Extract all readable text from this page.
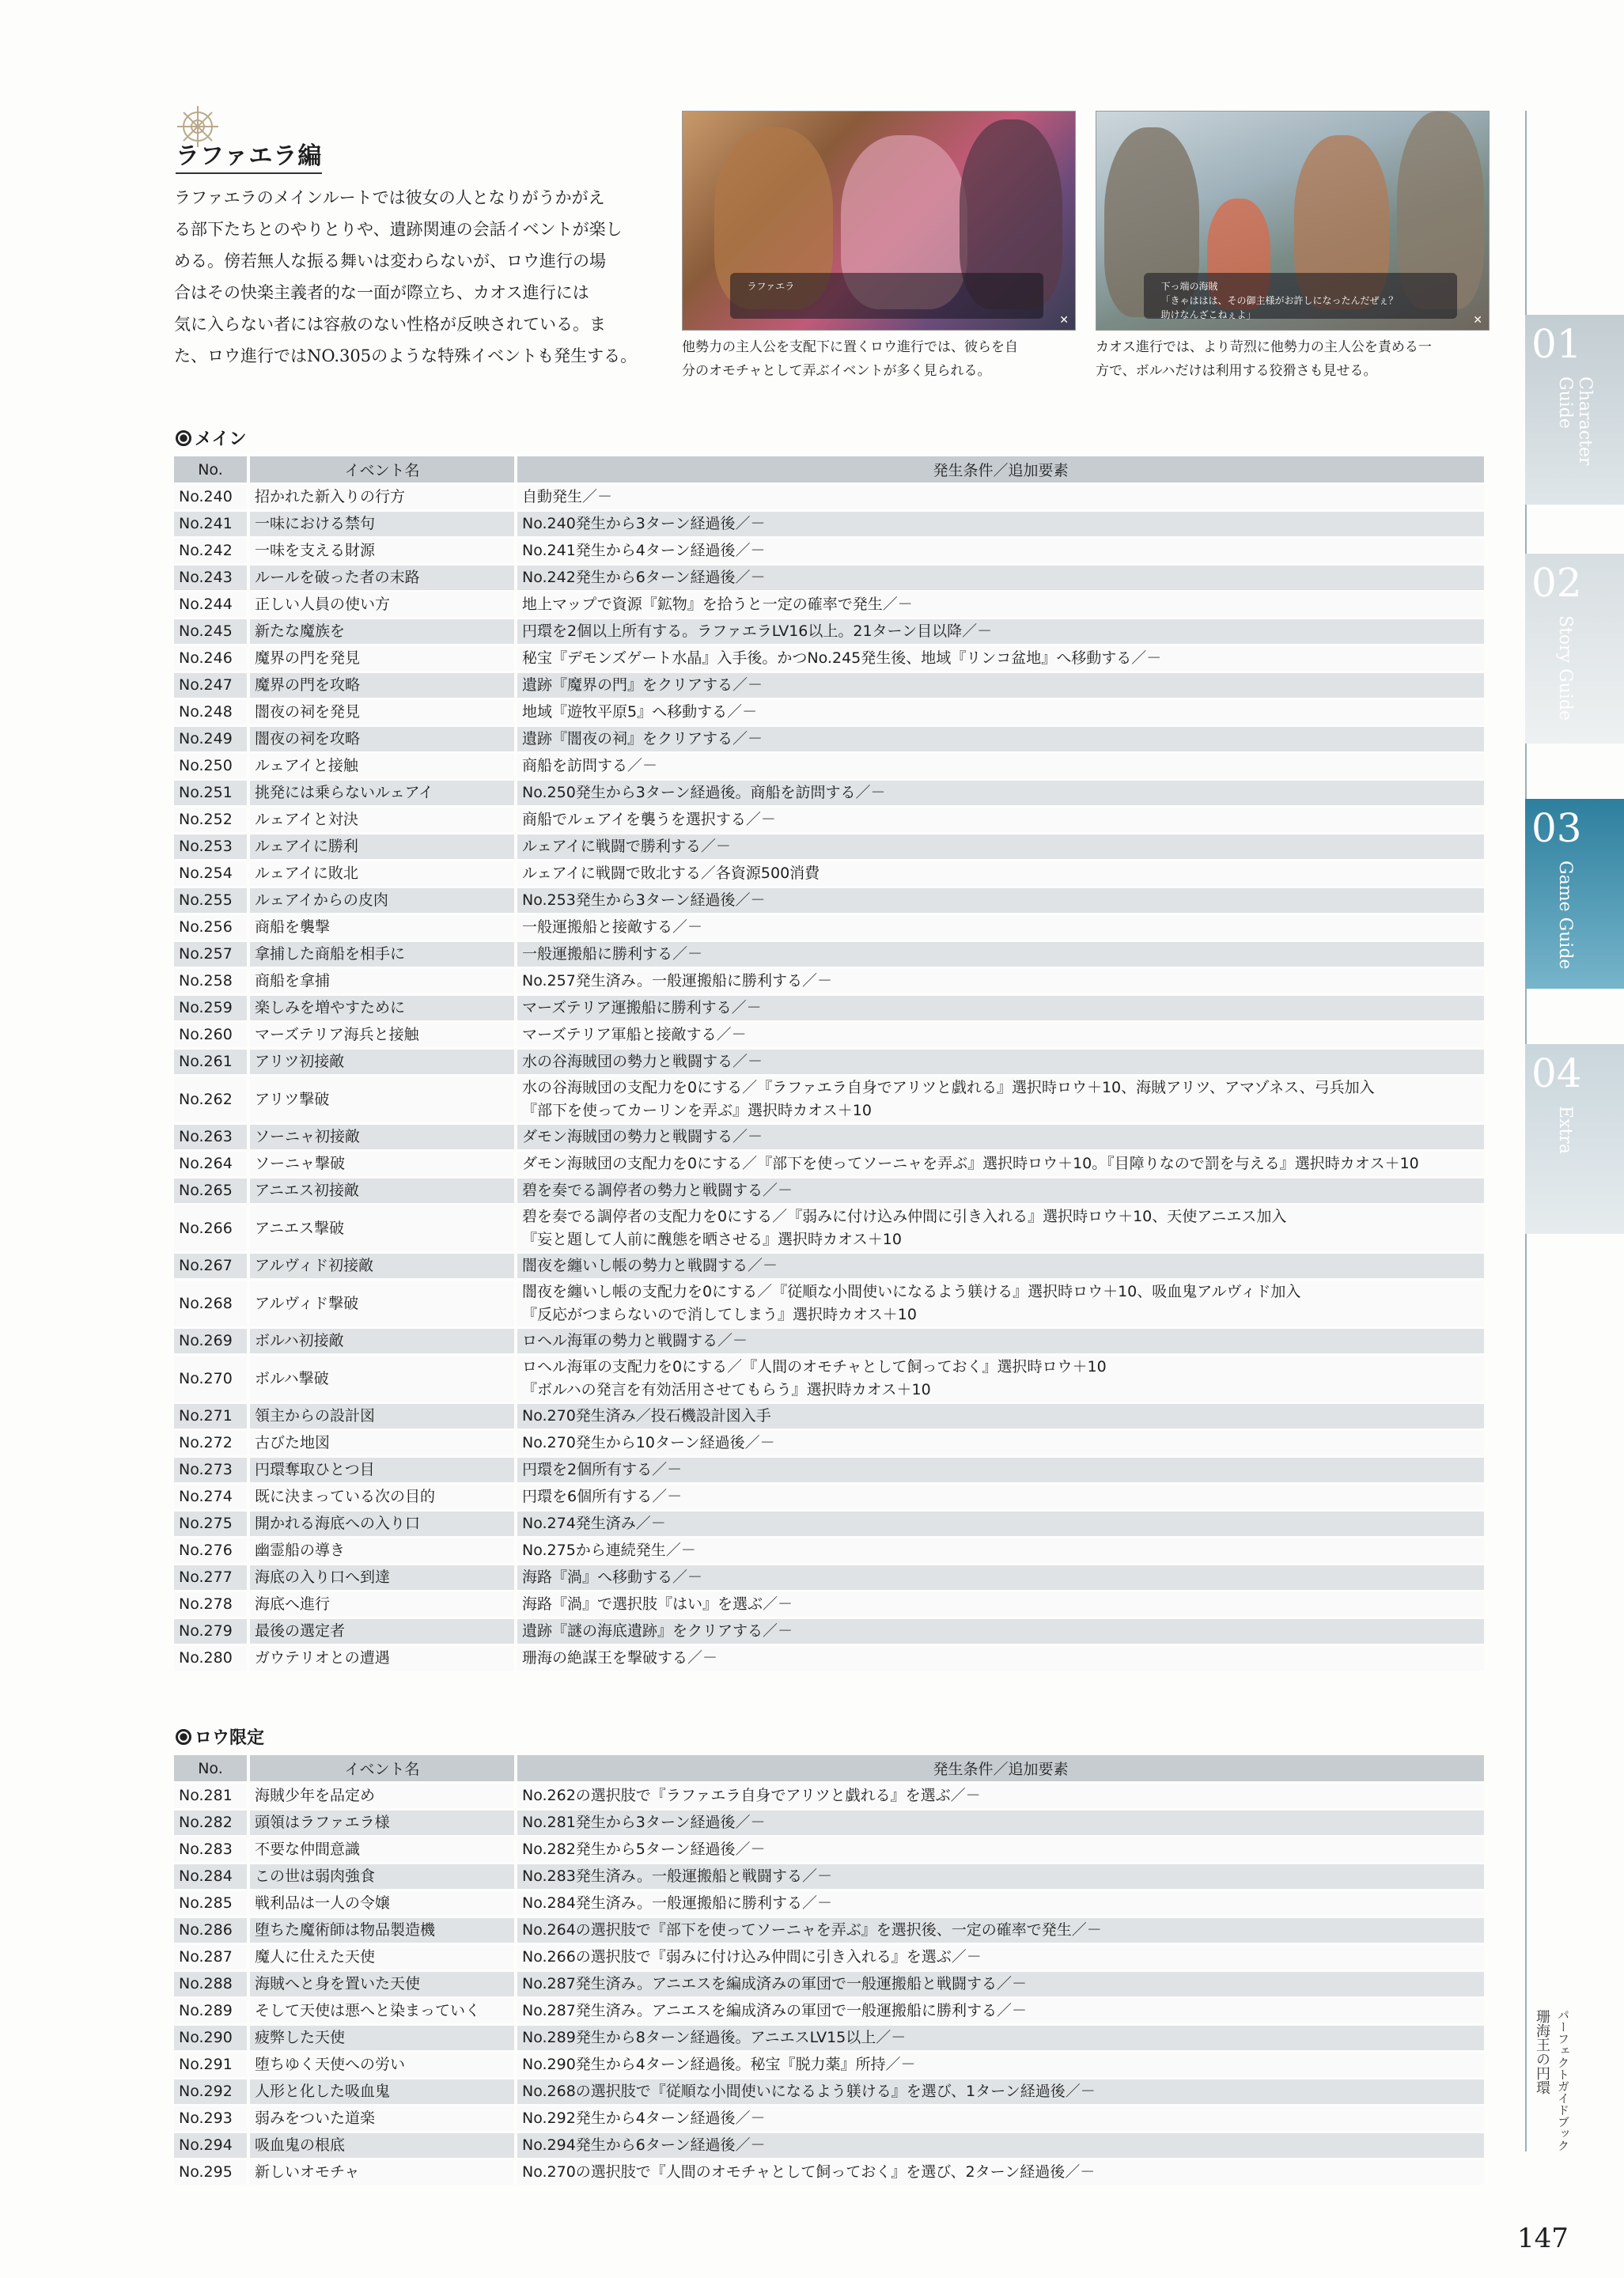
ラファエラ編
ラファエラのメインルートでは彼女の人となりがうかがえ
る部下たちとのやりとりや、遺跡関連の会話イベントが楽し
める。傍若無人な振る舞いは変わらないが、ロウ進行の場
合はその快楽主義者的な一面が際立ち、カオス進行には
気に入らない者には容赦のない性格が反映されている。ま
た、ロウ進行ではNO.305のような特殊イベントも発生する。
ラファエラ
✕
他勢力の主人公を支配下に置くロウ進行では、彼らを自
分のオモチャとして弄ぶイベントが多く見られる。
下っ端の海賊
「きゃははは、その御主様がお許しになったんだぜぇ？
助けなんざこねぇよ」	✕
カオス進行では、より苛烈に他勢力の主人公を責める一
方で、ボルハだけは利用する狡猾さも見せる。
01
Character Guide
02
Story Guide
03
Game Guide
04
Extra
メイン
No.	イベント名	発生条件／追加要素
No.240	招かれた新入りの行方	自動発生／－
No.241	一味における禁句	No.240発生から3ターン経過後／－
No.242	一味を支える財源	No.241発生から4ターン経過後／－
No.243	ルールを破った者の末路	No.242発生から6ターン経過後／－
No.244	正しい人員の使い方	地上マップで資源『鉱物』を拾うと一定の確率で発生／－
No.245	新たな魔族を	円環を2個以上所有する。ラファエラLV16以上。21ターン目以降／－
No.246	魔界の門を発見	秘宝『デモンズゲート水晶』入手後。かつNo.245発生後、地域『リンコ盆地』へ移動する／－
No.247	魔界の門を攻略	遺跡『魔界の門』をクリアする／－
No.248	闇夜の祠を発見	地域『遊牧平原5』へ移動する／－
No.249	闇夜の祠を攻略	遺跡『闇夜の祠』をクリアする／－
No.250	ルェアイと接触	商船を訪問する／－
No.251	挑発には乗らないルェアイ	No.250発生から3ターン経過後。商船を訪問する／－
No.252	ルェアイと対決	商船でルェアイを襲うを選択する／－
No.253	ルェアイに勝利	ルェアイに戦闘で勝利する／－
No.254	ルェアイに敗北	ルェアイに戦闘で敗北する／各資源500消費
No.255	ルェアイからの皮肉	No.253発生から3ターン経過後／－
No.256	商船を襲撃	一般運搬船と接敵する／－
No.257	拿捕した商船を相手に	一般運搬船に勝利する／－
No.258	商船を拿捕	No.257発生済み。一般運搬船に勝利する／－
No.259	楽しみを増やすために	マーズテリア運搬船に勝利する／－
No.260	マーズテリア海兵と接触	マーズテリア軍船と接敵する／－
No.261	アリツ初接敵	水の谷海賊団の勢力と戦闘する／－
No.262	アリツ撃破	水の谷海賊団の支配力を0にする／『ラファエラ自身でアリツと戯れる』選択時ロウ＋10、海賊アリツ、アマゾネス、弓兵加入
『部下を使ってカーリンを弄ぶ』選択時カオス＋10
No.263	ソーニャ初接敵	ダモン海賊団の勢力と戦闘する／－
No.264	ソーニャ撃破	ダモン海賊団の支配力を0にする／『部下を使ってソーニャを弄ぶ』選択時ロウ＋10。『目障りなので罰を与える』選択時カオス＋10
No.265	アニエス初接敵	碧を奏でる調停者の勢力と戦闘する／－
No.266	アニエス撃破	碧を奏でる調停者の支配力を0にする／『弱みに付け込み仲間に引き入れる』選択時ロウ＋10、天使アニエス加入
『妄と題して人前に醜態を晒させる』選択時カオス＋10
No.267	アルヴィド初接敵	闇夜を纏いし帳の勢力と戦闘する／－
No.268	アルヴィド撃破	闇夜を纏いし帳の支配力を0にする／『従順な小間使いになるよう躾ける』選択時ロウ＋10、吸血鬼アルヴィド加入
『反応がつまらないので消してしまう』選択時カオス＋10
No.269	ボルハ初接敵	ロヘル海軍の勢力と戦闘する／－
No.270	ボルハ撃破	ロヘル海軍の支配力を0にする／『人間のオモチャとして飼っておく』選択時ロウ＋10
『ボルハの発言を有効活用させてもらう』選択時カオス＋10
No.271	領主からの設計図	No.270発生済み／投石機設計図入手
No.272	古びた地図	No.270発生から10ターン経過後／－
No.273	円環奪取ひとつ目	円環を2個所有する／－
No.274	既に決まっている次の目的	円環を6個所有する／－
No.275	開かれる海底への入り口	No.274発生済み／－
No.276	幽霊船の導き	No.275から連続発生／－
No.277	海底の入り口へ到達	海路『渦』へ移動する／－
No.278	海底へ進行	海路『渦』で選択肢『はい』を選ぶ／－
No.279	最後の選定者	遺跡『謎の海底遺跡』をクリアする／－
No.280	ガウテリオとの遭遇	珊海の絶謀王を撃破する／－
ロウ限定
No.	イベント名	発生条件／追加要素
No.281	海賊少年を品定め	No.262の選択肢で『ラファエラ自身でアリツと戯れる』を選ぶ／－
No.282	頭領はラファエラ様	No.281発生から3ターン経過後／－
No.283	不要な仲間意識	No.282発生から5ターン経過後／－
No.284	この世は弱肉強食	No.283発生済み。一般運搬船と戦闘する／－
No.285	戦利品は一人の令嬢	No.284発生済み。一般運搬船に勝利する／－
No.286	堕ちた魔術師は物品製造機	No.264の選択肢で『部下を使ってソーニャを弄ぶ』を選択後、一定の確率で発生／－
No.287	魔人に仕えた天使	No.266の選択肢で『弱みに付け込み仲間に引き入れる』を選ぶ／－
No.288	海賊へと身を置いた天使	No.287発生済み。アニエスを編成済みの軍団で一般運搬船と戦闘する／－
No.289	そして天使は悪へと染まっていく	No.287発生済み。アニエスを編成済みの軍団で一般運搬船に勝利する／－
No.290	疲弊した天使	No.289発生から8ターン経過後。アニエスLV15以上／－
No.291	堕ちゆく天使への労い	No.290発生から4ターン経過後。秘宝『脱力薬』所持／－
No.292	人形と化した吸血鬼	No.268の選択肢で『従順な小間使いになるよう躾ける』を選び、1ターン経過後／－
No.293	弱みをついた道楽	No.292発生から4ターン経過後／－
No.294	吸血鬼の根底	No.294発生から6ターン経過後／－
No.295	新しいオモチャ	No.270の選択肢で『人間のオモチャとして飼っておく』を選び、2ターン経過後／－
珊海王の円環 パーフェクトガイドブック
147
